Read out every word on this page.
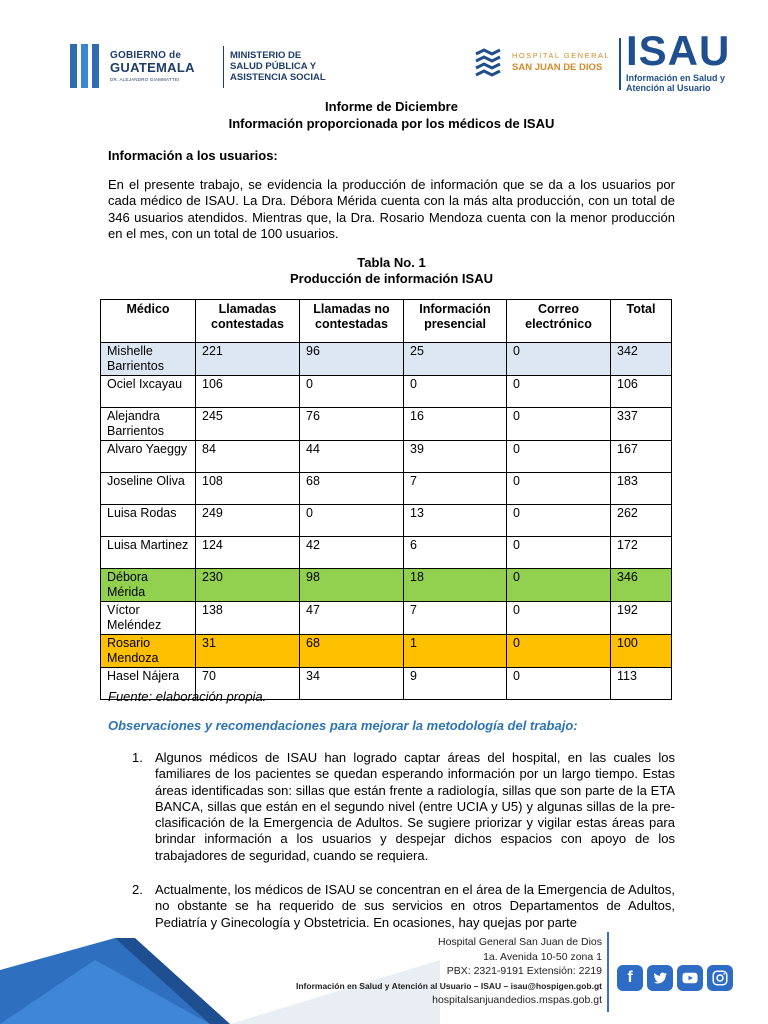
GOBIERNO de
GUATEMALA
DR. ALEJANDRO GIAMMATTEI
MINISTERIO DE SALUD PÚBLICA Y ASISTENCIA SOCIAL
HOSPITAL GENERAL
SAN JUAN DE DIOS ISAU
Información en Salud y Atención al Usuario
Informe de Diciembre
Información proporcionada por los médicos de ISAU
Información a los usuarios:

En el presente trabajo, se evidencia la producción de información que se da a los usuarios por cada médico de ISAU. La Dra. Débora Mérida cuenta con la más alta producción, con un total de 346 usuarios atendidos. Mientras que, la Dra. Rosario Mendoza cuenta con la menor producción en el mes, con un total de 100 usuarios.

Tabla No. 1
Producción de información ISAU
Médico	Llamadas contestadas	Llamadas no contestadas	Información presencial	Correo electrónico	Total
Mishelle Barrientos	221	96	25	0	342
Ociel Ixcayau	106	0	0	0	106
Alejandra Barrientos	245	76	16	0	337
Alvaro Yaeggy	84	44	39	0	167
Joseline Oliva	108	68	7	0	183
Luisa Rodas	249	0	13	0	262
Luisa Martinez	124	42	6	0	172
Débora Mérida	230	98	18	0	346
Víctor Meléndez	138	47	7	0	192
Rosario Mendoza	31	68	1	0	100
Hasel Nájera	70	34	9	0	113
Fuente: elaboración propia.
Observaciones y recomendaciones para mejorar la metodología del trabajo:
1. Algunos médicos de ISAU han logrado captar áreas del hospital, en las cuales los familiares de los pacientes se quedan esperando información por un largo tiempo. Estas áreas identificadas son: sillas que están frente a radiología, sillas que son parte de la ETA BANCA, sillas que están en el segundo nivel (entre UCIA y U5) y algunas sillas de la pre-clasificación de la Emergencia de Adultos. Se sugiere priorizar y vigilar estas áreas para brindar información a los usuarios y despejar dichos espacios con apoyo de los trabajadores de seguridad, cuando se requiera.
2. Actualmente, los médicos de ISAU se concentran en el área de la Emergencia de Adultos, no obstante se ha requerido de sus servicios en otros Departamentos de Adultos, Pediatría y Ginecología y Obstetricia. En ocasiones, hay quejas por parte
Hospital General San Juan de Dios
1a. Avenida 10-50 zona 1
PBX: 2321-9191 Extensión: 2219
Información en Salud y Atención al Usuario – ISAU – isau@hospigen.gob.gt
hospitalsanjuandedios.mspas.gob.gt
f
